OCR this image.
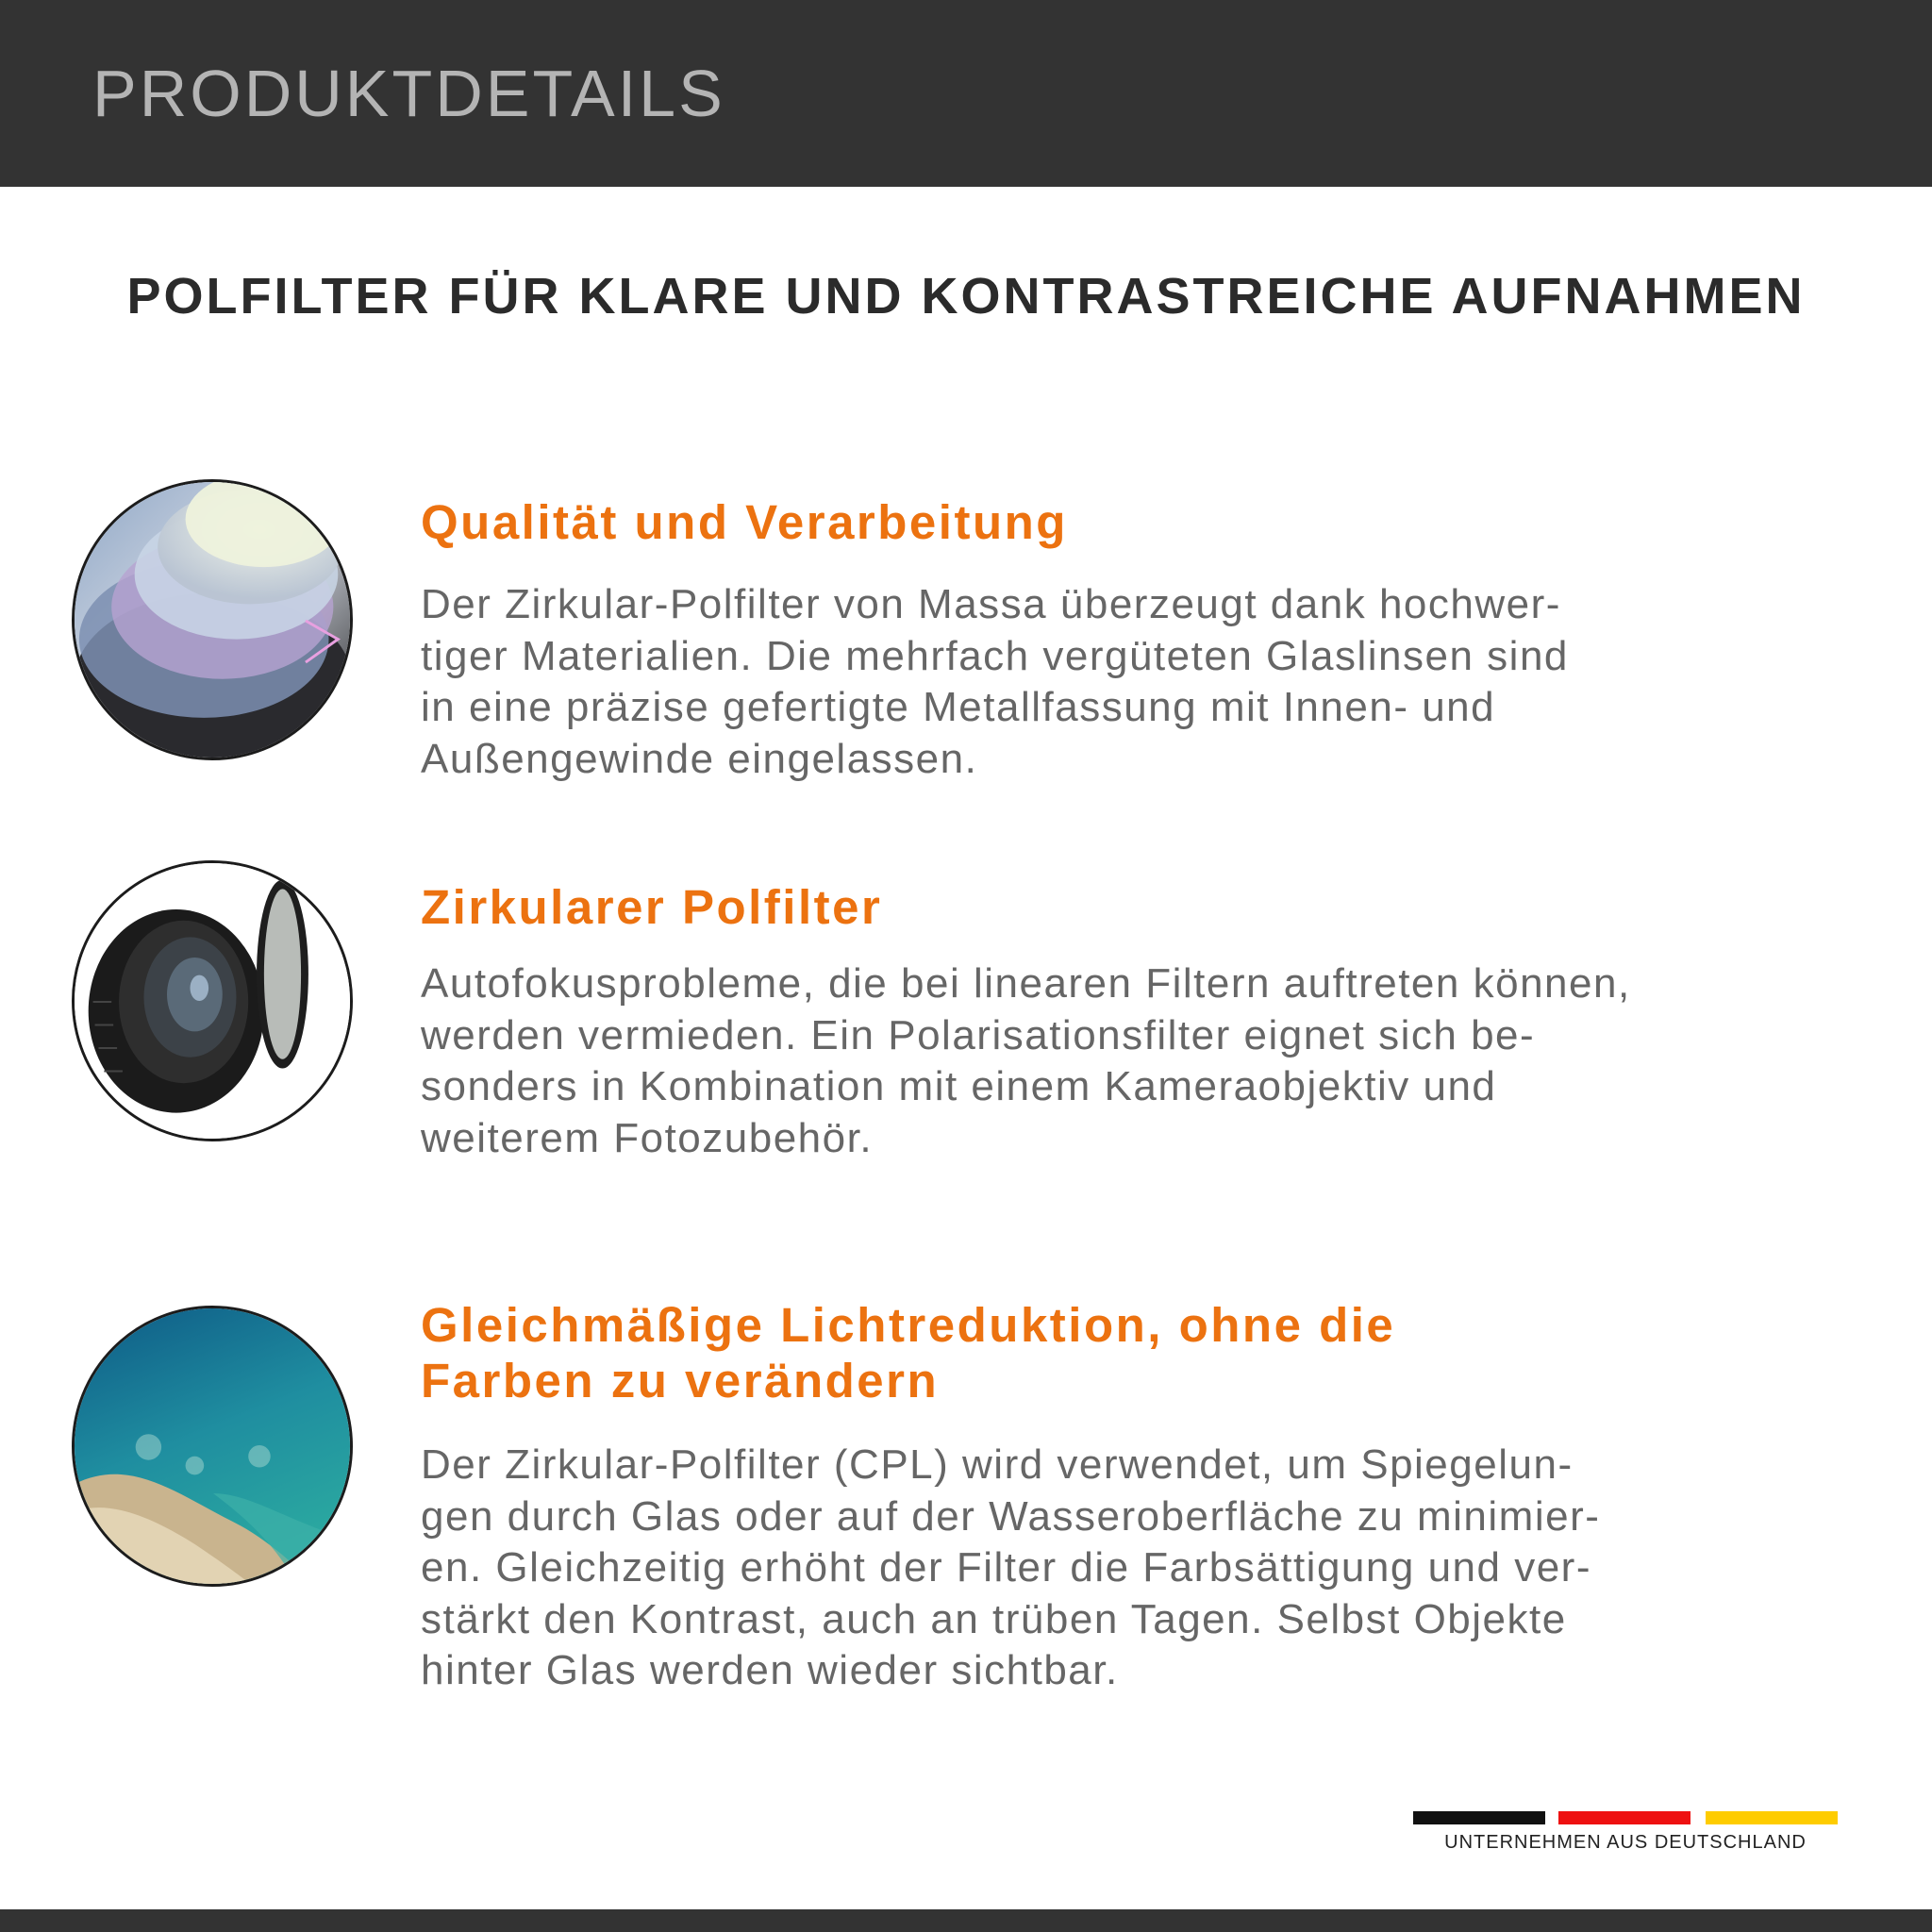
PRODUKTDETAILS
POLFILTER FÜR KLARE UND KONTRASTREICHE AUFNAHMEN
Qualität und Verarbeitung
Der Zirkular-Polfilter von Massa überzeugt dank hochwer-
tiger Materialien. Die mehrfach vergüteten Glaslinsen sind
in eine präzise gefertigte Metallfassung mit Innen- und
Außengewinde eingelassen.
Zirkularer Polfilter
Autofokusprobleme, die bei linearen Filtern auftreten können,
werden vermieden. Ein Polarisationsfilter eignet sich be-
sonders in Kombination mit einem Kameraobjektiv und
weiterem Fotozubehör.
Gleichmäßige Lichtreduktion, ohne die
Farben zu verändern
Der Zirkular-Polfilter (CPL) wird verwendet, um Spiegelun-
gen durch Glas oder auf der Wasseroberfläche zu minimier-
en. Gleichzeitig erhöht der Filter die Farbsättigung und ver-
stärkt den Kontrast, auch an trüben Tagen. Selbst Objekte
hinter Glas werden wieder sichtbar.
UNTERNEHMEN AUS DEUTSCHLAND
